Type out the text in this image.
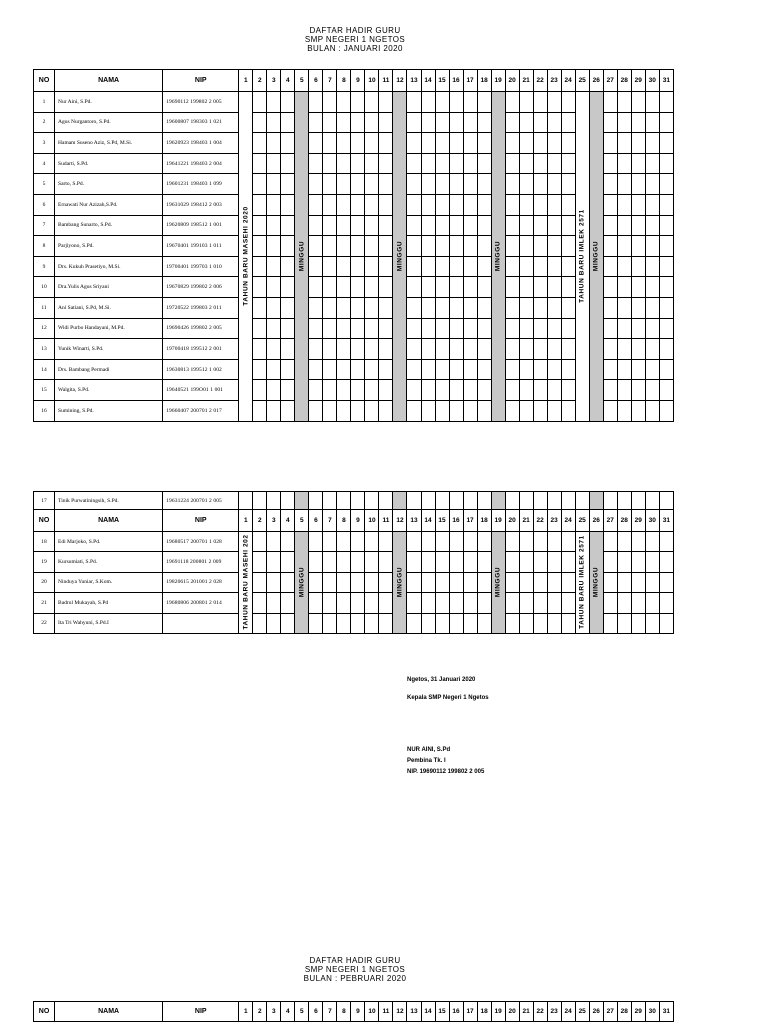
DAFTAR HADIR GURU
SMP NEGERI 1 NGETOS
BULAN : JANUARI 2020
NO	NAMA	NIP	1	2	3	4	5	6	7	8	9	10	11	12	13	14	15	16	17	18	19	20	21	22	23	24	25	26	27	28	29	30	31
1	Nur Aini, S.Pd.	19690112 199802 2 005	TAHUN BARU MASEHI 2020				MINGGU							MINGGU							MINGGU						TAHUN BARU IMLEK 2571	MINGGU					

2	Agus Nurgantoro, S.Pd.	19600807 198303 1 021																															
3	Hamam Suseno Aziz, S.Pd, M.Si.	19620923 198403 1 004																															
4	Sudarti, S.Pd.	19641221 198403 2 004																															
5	Sarto, S.Pd.	19601231 198403 1 099																															
6	Ernawati Nur Azizah,S.Pd.	19631029 198412 2 003																															
7	Bambang Sunarto, S.Pd.	19620809 198512 1 001																															
8	Parjiyono, S.Pd.	19670401 199103 1 011																															
9	Drs. Kukuh Prasetiyo, M.Si.	19700401 199703 1 010																															
10	Dra.Yulis Agus Sriyani	19670829 199802 2 006																															
11	Ani Satiani, S.Pd, M.Si.	19720522 199803 2 011																															
12	Widi Purbo Handayani, M.Pd.	19690426 199802 2 005																															
13	Yunik Winarti, S.Pd.	19700418 199512 2 001																															
14	Drs. Bambang Permadi	19630813 199512 1 002																															
15	Walgita, S.Pd.	19640521 199O01 1 001																															
16	Sumining, S.Pd.	19660407 200701 2 017																															
17	Tinik Purwatiningsih, S.Pd.	19631224 200701 2 005																															
NO	NAMA	NIP	1	2	3	4	5	6	7	8	9	10	11	12	13	14	15	16	17	18	19	20	21	22	23	24	25	26	27	28	29	30	31
18	Edi Marjoko, S.Pd.	19680517 200701 1 028	TAHUN BARU MASEHI 202				MINGGU							MINGGU							MINGGU						TAHUN BARU IMLEK 2571	MINGGU					

19	Kursumiati, S.Pd.	19691118 200801 2 009																															
20	Ninduya Yuniar, S.Kom.	19820615 201001 2 028																															
21	Badrul Mukayah, S.Pd	19680806 200801 2 014																															
22	Ita Tri Wahyuni, S.Pd.I																																
Ngetos, 31 Januari 2020
Kepala SMP Negeri 1 Ngetos
NUR AINI, S.Pd
Pembina Tk. I
NIP. 19690112 199802 2 005
DAFTAR HADIR GURU
SMP NEGERI 1 NGETOS
BULAN : PEBRUARI 2020
NO	NAMA	NIP	1	2	3	4	5	6	7	8	9	10	11	12	13	14	15	16	17	18	19	20	21	22	23	24	25	26	27	28	29	30	31
